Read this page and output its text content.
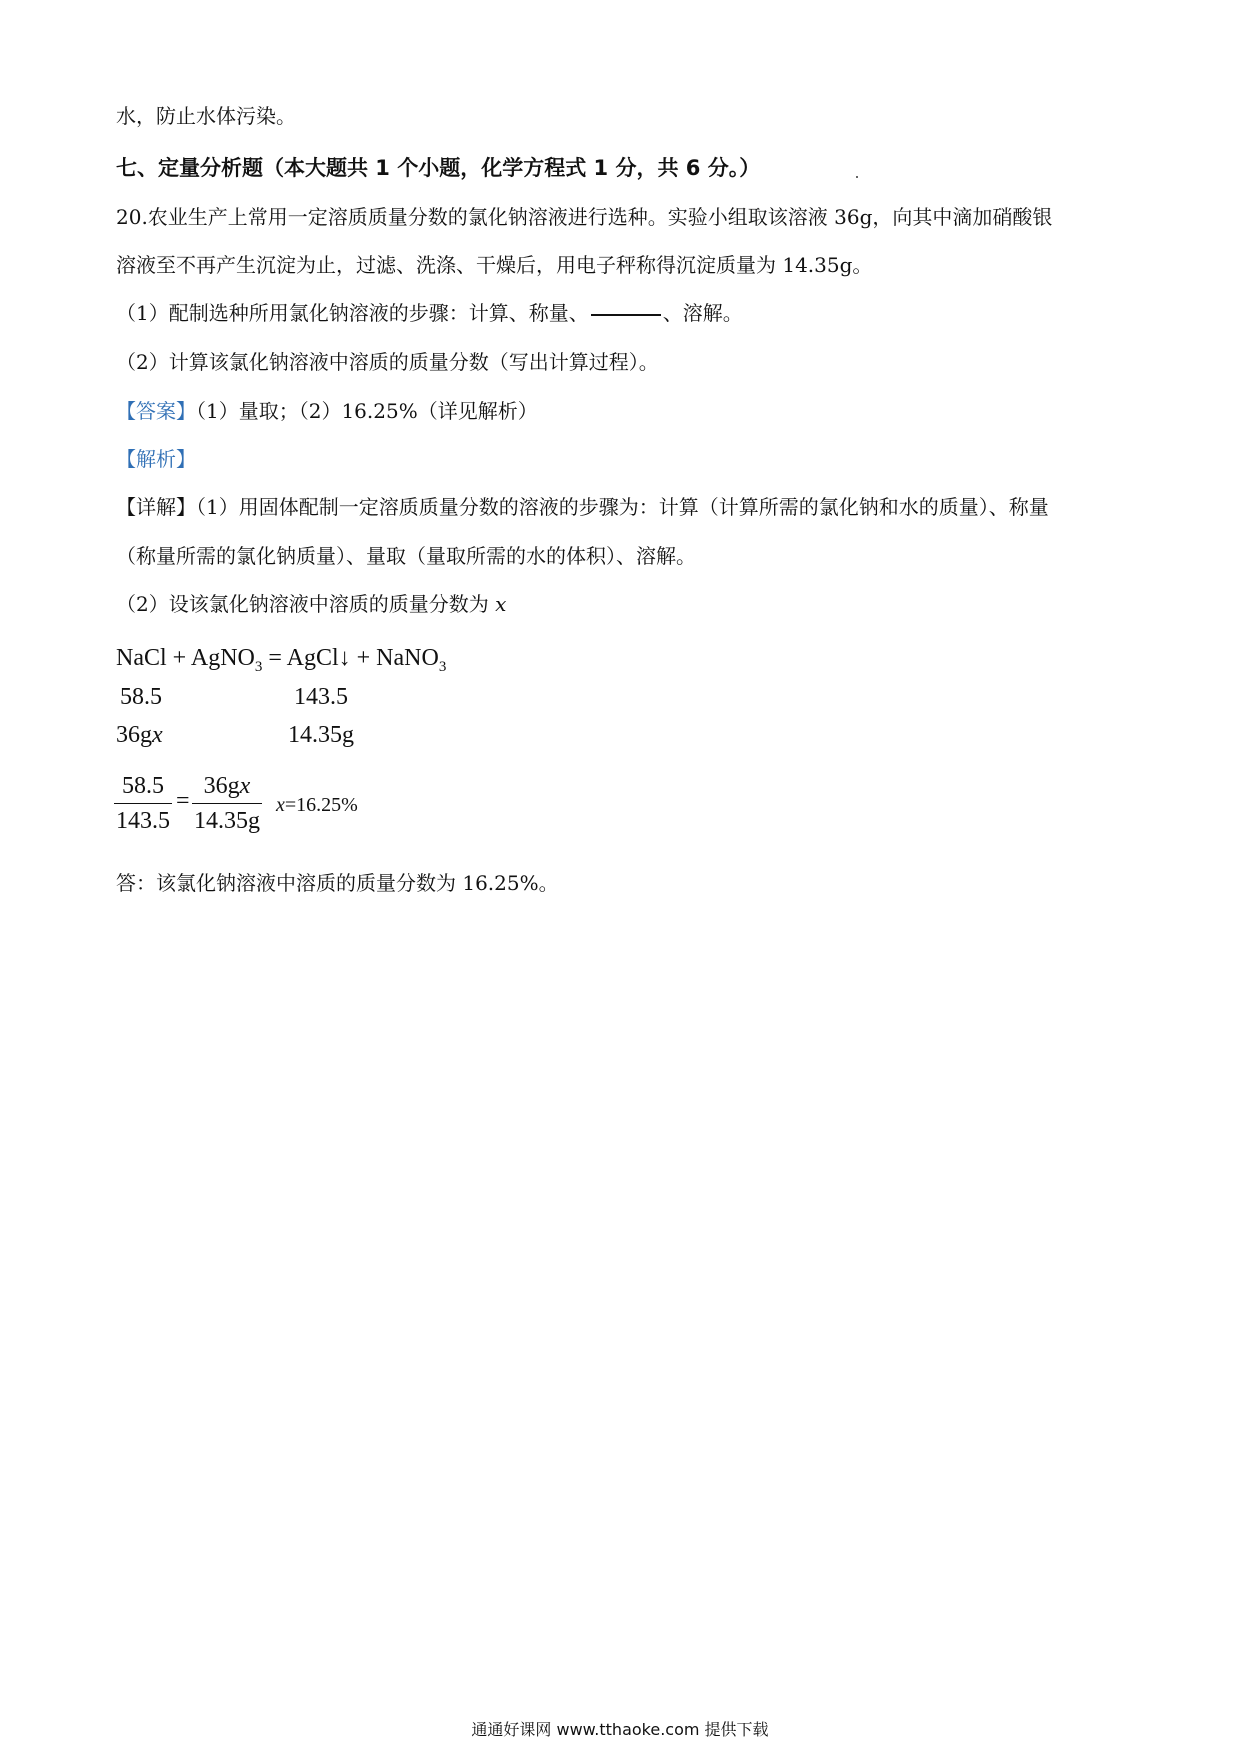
水，防止水体污染。
七、定量分析题（本大题共 1 个小题，化学方程式 1 分，共 6 分。）
20.农业生产上常用一定溶质质量分数的氯化钠溶液进行选种。实验小组取该溶液 36g，向其中滴加硝酸银
溶液至不再产生沉淀为止，过滤、洗涤、干燥后，用电子秤称得沉淀质量为 14.35g。
（1）配制选种所用氯化钠溶液的步骤：计算、称量、	、溶解。
（2）计算该氯化钠溶液中溶质的质量分数（写出计算过程）。
【答案】（1）量取；（2）16.25%（详见解析）
【解析】
【详解】（1）用固体配制一定溶质质量分数的溶液的步骤为：计算（计算所需的氯化钠和水的质量）、称量
（称量所需的氯化钠质量）、量取（量取所需的水的体积）、溶解。
（2）设该氯化钠溶液中溶质的质量分数为 x
NaCl + AgNO$_3$ = AgCl↓ + NaNO$_3$
58.5	143.5
36gx	14.35g
58.5
143.5
=
36gx
14.35g
x=16.25%
答：该氯化钠溶液中溶质的质量分数为 16.25%。
通通好课网 www.tthaoke.com 提供下载
